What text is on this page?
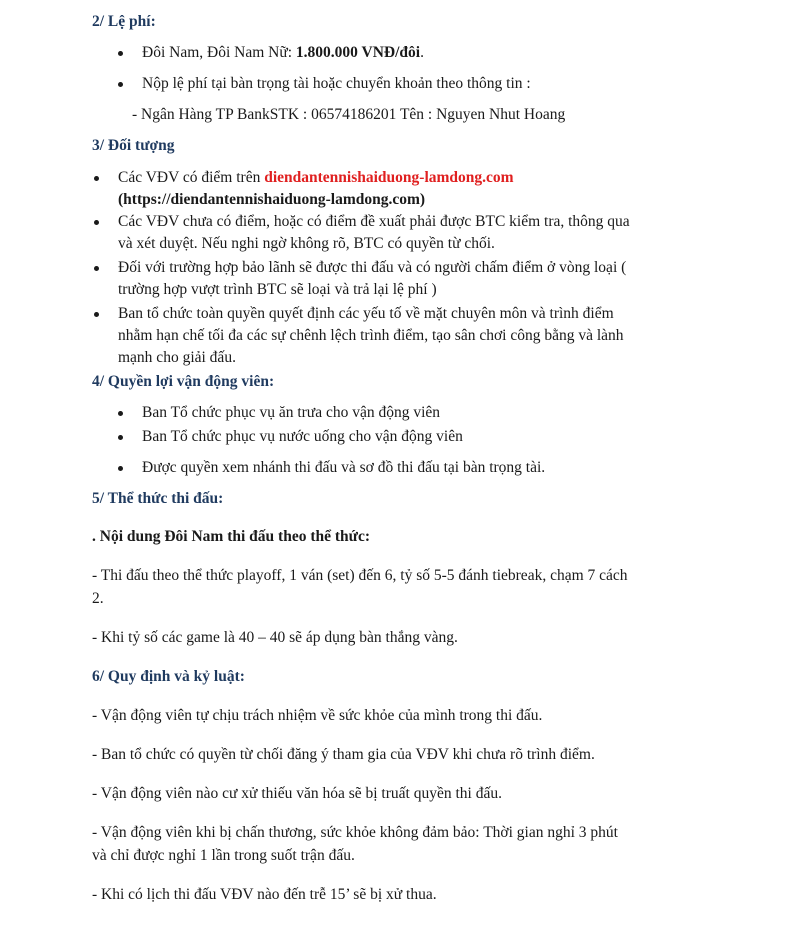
2/ Lệ phí:
Đôi Nam, Đôi Nam Nữ: 1.800.000 VNĐ/đôi.
Nộp lệ phí tại bàn trọng tài hoặc chuyển khoản theo thông tin :
- Ngân Hàng TP BankSTK : 06574186201 Tên : Nguyen Nhut Hoang
3/ Đối tượng
Các VĐV có điểm trên diendantennishaiduong-lamdong.com
(https://diendantennishaiduong-lamdong.com)
Các VĐV chưa có điểm, hoặc có điểm đề xuất phải được BTC kiểm tra, thông qua
và xét duyệt. Nếu nghi ngờ không rõ, BTC có quyền từ chối.
Đối với trường hợp bảo lãnh sẽ được thi đấu và có người chấm điểm ở vòng loại (
trường hợp vượt trình BTC sẽ loại và trả lại lệ phí )
Ban tổ chức toàn quyền quyết định các yếu tố về mặt chuyên môn và trình điểm
nhằm hạn chế tối đa các sự chênh lệch trình điểm, tạo sân chơi công bằng và lành
mạnh cho giải đấu.
4/ Quyền lợi vận động viên:
Ban Tổ chức phục vụ ăn trưa cho vận động viên
Ban Tổ chức phục vụ nước uống cho vận động viên
Được quyền xem nhánh thi đấu và sơ đồ thi đấu tại bàn trọng tài.
5/ Thể thức thi đấu:
. Nội dung Đôi Nam thi đấu theo thể thức:
- Thi đấu theo thể thức playoff, 1 ván (set) đến 6, tỷ số 5-5 đánh tiebreak, chạm 7 cách
2.
- Khi tỷ số các game là 40 – 40 sẽ áp dụng bàn thắng vàng.
6/ Quy định và kỷ luật:
- Vận động viên tự chịu trách nhiệm về sức khỏe của mình trong thi đấu.
- Ban tổ chức có quyền từ chối đăng ý tham gia của VĐV khi chưa rõ trình điểm.
- Vận động viên nào cư xử thiếu văn hóa sẽ bị truất quyền thi đấu.
- Vận động viên khi bị chấn thương, sức khỏe không đảm bảo: Thời gian nghỉ 3 phút
và chỉ được nghỉ 1 lần trong suốt trận đấu.
- Khi có lịch thi đấu VĐV nào đến trễ 15’ sẽ bị xử thua.
